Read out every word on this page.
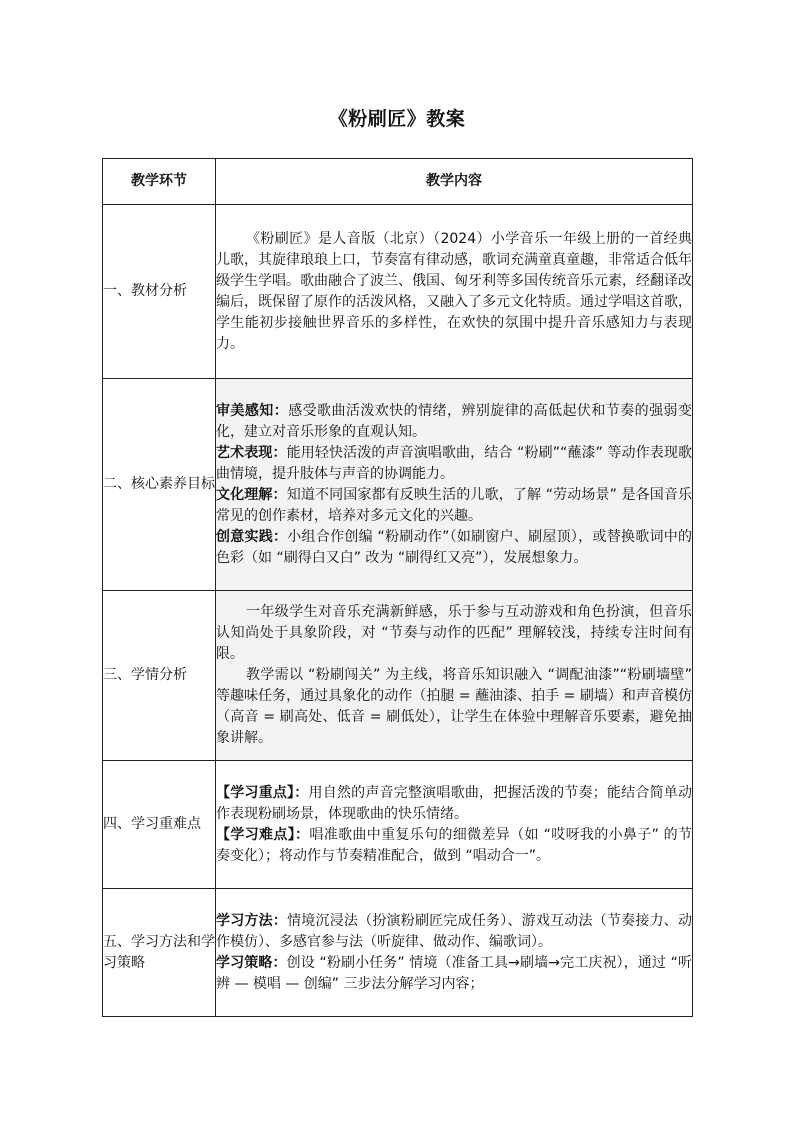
《粉刷匠》教案
教学环节	教学内容
一、教材分析	《粉刷匠》是人音版（北京）（2024）小学音乐一年级上册的一首经典儿歌，其旋律琅琅上口，节奏富有律动感，歌词充满童真童趣，非常适合低年级学生学唱。歌曲融合了波兰、俄国、匈牙利等多国传统音乐元素，经翻译改编后，既保留了原作的活泼风格，又融入了多元文化特质。通过学唱这首歌，学生能初步接触世界音乐的多样性，在欢快的氛围中提升音乐感知力与表现力。

二、核心素养目标	审美感知：感受歌曲活泼欢快的情绪，辨别旋律的高低起伏和节奏的强弱变化，建立对音乐形象的直观认知。

艺术表现：能用轻快活泼的声音演唱歌曲，结合 “粉刷”“蘸漆” 等动作表现歌曲情境，提升肢体与声音的协调能力。

文化理解：知道不同国家都有反映生活的儿歌，了解 “劳动场景” 是各国音乐常见的创作素材，培养对多元文化的兴趣。

创意实践：小组合作创编 “粉刷动作”（如刷窗户、刷屋顶），或替换歌词中的色彩（如 “刷得白又白” 改为 “刷得红又亮”），发展想象力。

三、学情分析	一年级学生对音乐充满新鲜感，乐于参与互动游戏和角色扮演，但音乐认知尚处于具象阶段，对 “节奏与动作的匹配” 理解较浅，持续专注时间有限。

教学需以 “粉刷闯关” 为主线，将音乐知识融入 “调配油漆”“粉刷墙壁” 等趣味任务，通过具象化的动作（拍腿 = 蘸油漆、拍手 = 刷墙）和声音模仿（高音 = 刷高处、低音 = 刷低处），让学生在体验中理解音乐要素，避免抽象讲解。

四、学习重难点	【学习重点】：用自然的声音完整演唱歌曲，把握活泼的节奏；能结合简单动作表现粉刷场景，体现歌曲的快乐情绪。

【学习难点】：唱准歌曲中重复乐句的细微差异（如 “哎呀我的小鼻子” 的节奏变化）；将动作与节奏精准配合，做到 “唱动合一”。

五、学习方法和学习策略	学习方法：情境沉浸法（扮演粉刷匠完成任务）、游戏互动法（节奏接力、动作模仿）、多感官参与法（听旋律、做动作、编歌词）。

学习策略：创设 “粉刷小任务” 情境（准备工具→刷墙→完工庆祝），通过 “听辨 — 模唱 — 创编” 三步法分解学习内容；
